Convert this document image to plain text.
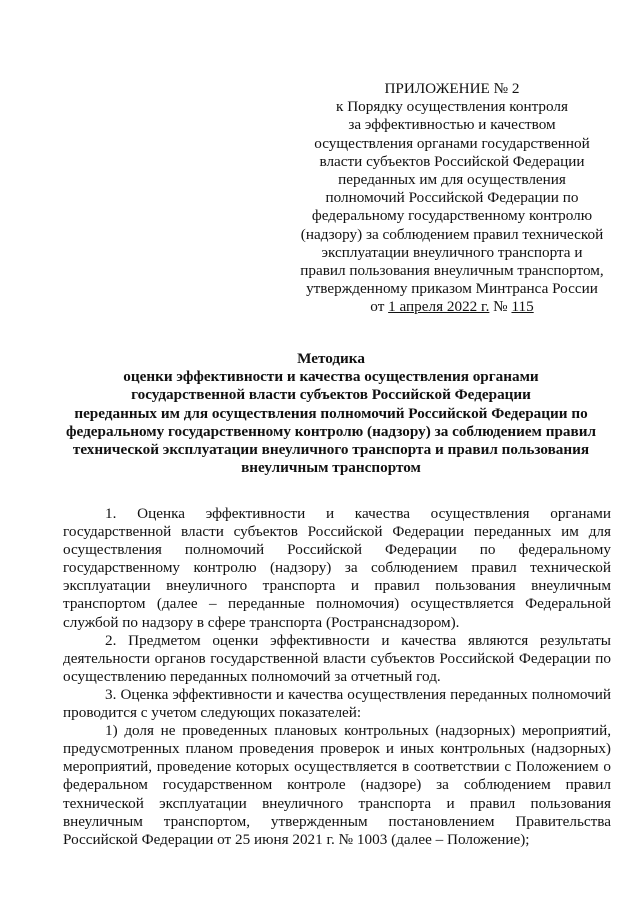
ПРИЛОЖЕНИЕ № 2
к Порядку осуществления контроля
за эффективностью и качеством
осуществления органами государственной
власти субъектов Российской Федерации
переданных им для осуществления
полномочий Российской Федерации по
федеральному государственному контролю
(надзору) за соблюдением правил технической
эксплуатации внеуличного транспорта и
правил пользования внеуличным транспортом,
утвержденному приказом Минтранса России
от 1 апреля 2022 г. № 115
Методика
оценки эффективности и качества осуществления органами
государственной власти субъектов Российской Федерации
переданных им для осуществления полномочий Российской Федерации по
федеральному государственному контролю (надзору) за соблюдением правил
технической эксплуатации внеуличного транспорта и правил пользования
внеуличным транспортом

1. Оценка эффективности и качества осуществления органами государственной власти субъектов Российской Федерации переданных им для осуществления полномочий Российской Федерации по федеральному государственному контролю (надзору) за соблюдением правил технической эксплуатации внеуличного транспорта и правил пользования внеуличным транспортом (далее – переданные полномочия) осуществляется Федеральной службой по надзору в сфере транспорта (Ространснадзором).

2. Предметом оценки эффективности и качества являются результаты деятельности органов государственной власти субъектов Российской Федерации по осуществлению переданных полномочий за отчетный год.

3. Оценка эффективности и качества осуществления переданных полномочий проводится с учетом следующих показателей:

1) доля не проведенных плановых контрольных (надзорных) мероприятий, предусмотренных планом проведения проверок и иных контрольных (надзорных) мероприятий, проведение которых осуществляется в соответствии с Положением о федеральном государственном контроле (надзоре) за соблюдением правил технической эксплуатации внеуличного транспорта и правил пользования внеуличным транспортом, утвержденным постановлением Правительства Российской Федерации от 25 июня 2021 г. № 1003 (далее – Положение);
